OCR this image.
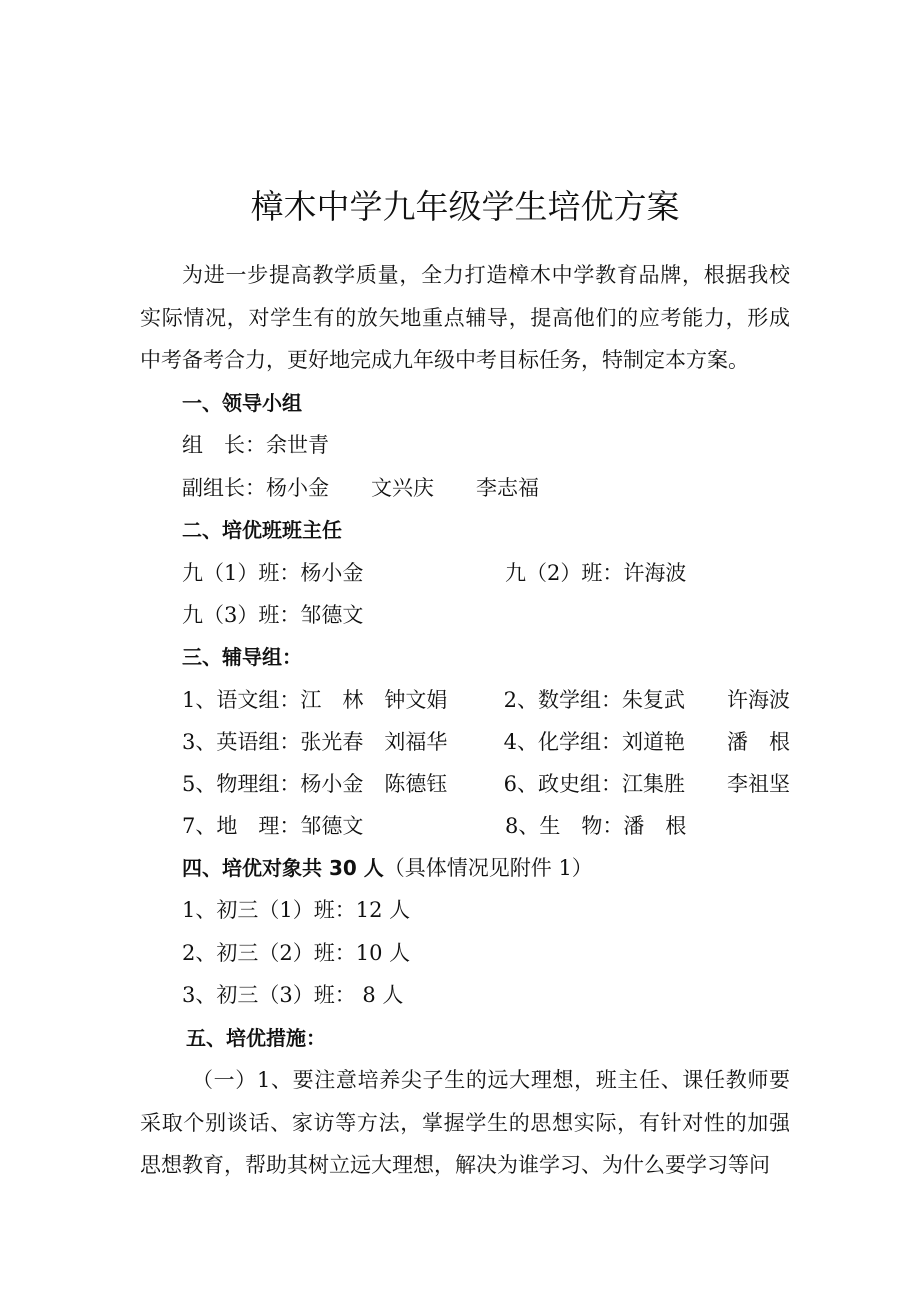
樟木中学九年级学生培优方案

为进一步提高教学质量，全力打造樟木中学教育品牌，根据我校实际情况，对学生有的放矢地重点辅导，提高他们的应考能力，形成中考备考合力，更好地完成九年级中考目标任务，特制定本方案。

一、领导小组

组　长：余世青

副组长：杨小金　　文兴庆　　李志福

二、培优班班主任

九（1）班：杨小金	九（2）班：许海波

九（3）班：邹德文

三、辅导组：

1、语文组：江　林　钟文娟	2、数学组：朱复武　　许海波
3、英语组：张光春　刘福华	4、化学组：刘道艳　　潘　根
5、物理组：杨小金　陈德钰	6、政史组：江集胜　　李祖坚
7、地　理：邹德文	8、生　物：潘　根

四、培优对象共 30 人（具体情况见附件 1）

1、初三（1）班：12 人

2、初三（2）班：10 人

3、初三（3）班： 8 人

五、培优措施：

（一）1、要注意培养尖子生的远大理想，班主任、课任教师要采取个别谈话、家访等方法，掌握学生的思想实际，有针对性的加强思想教育，帮助其树立远大理想，解决为谁学习、为什么要学习等问
